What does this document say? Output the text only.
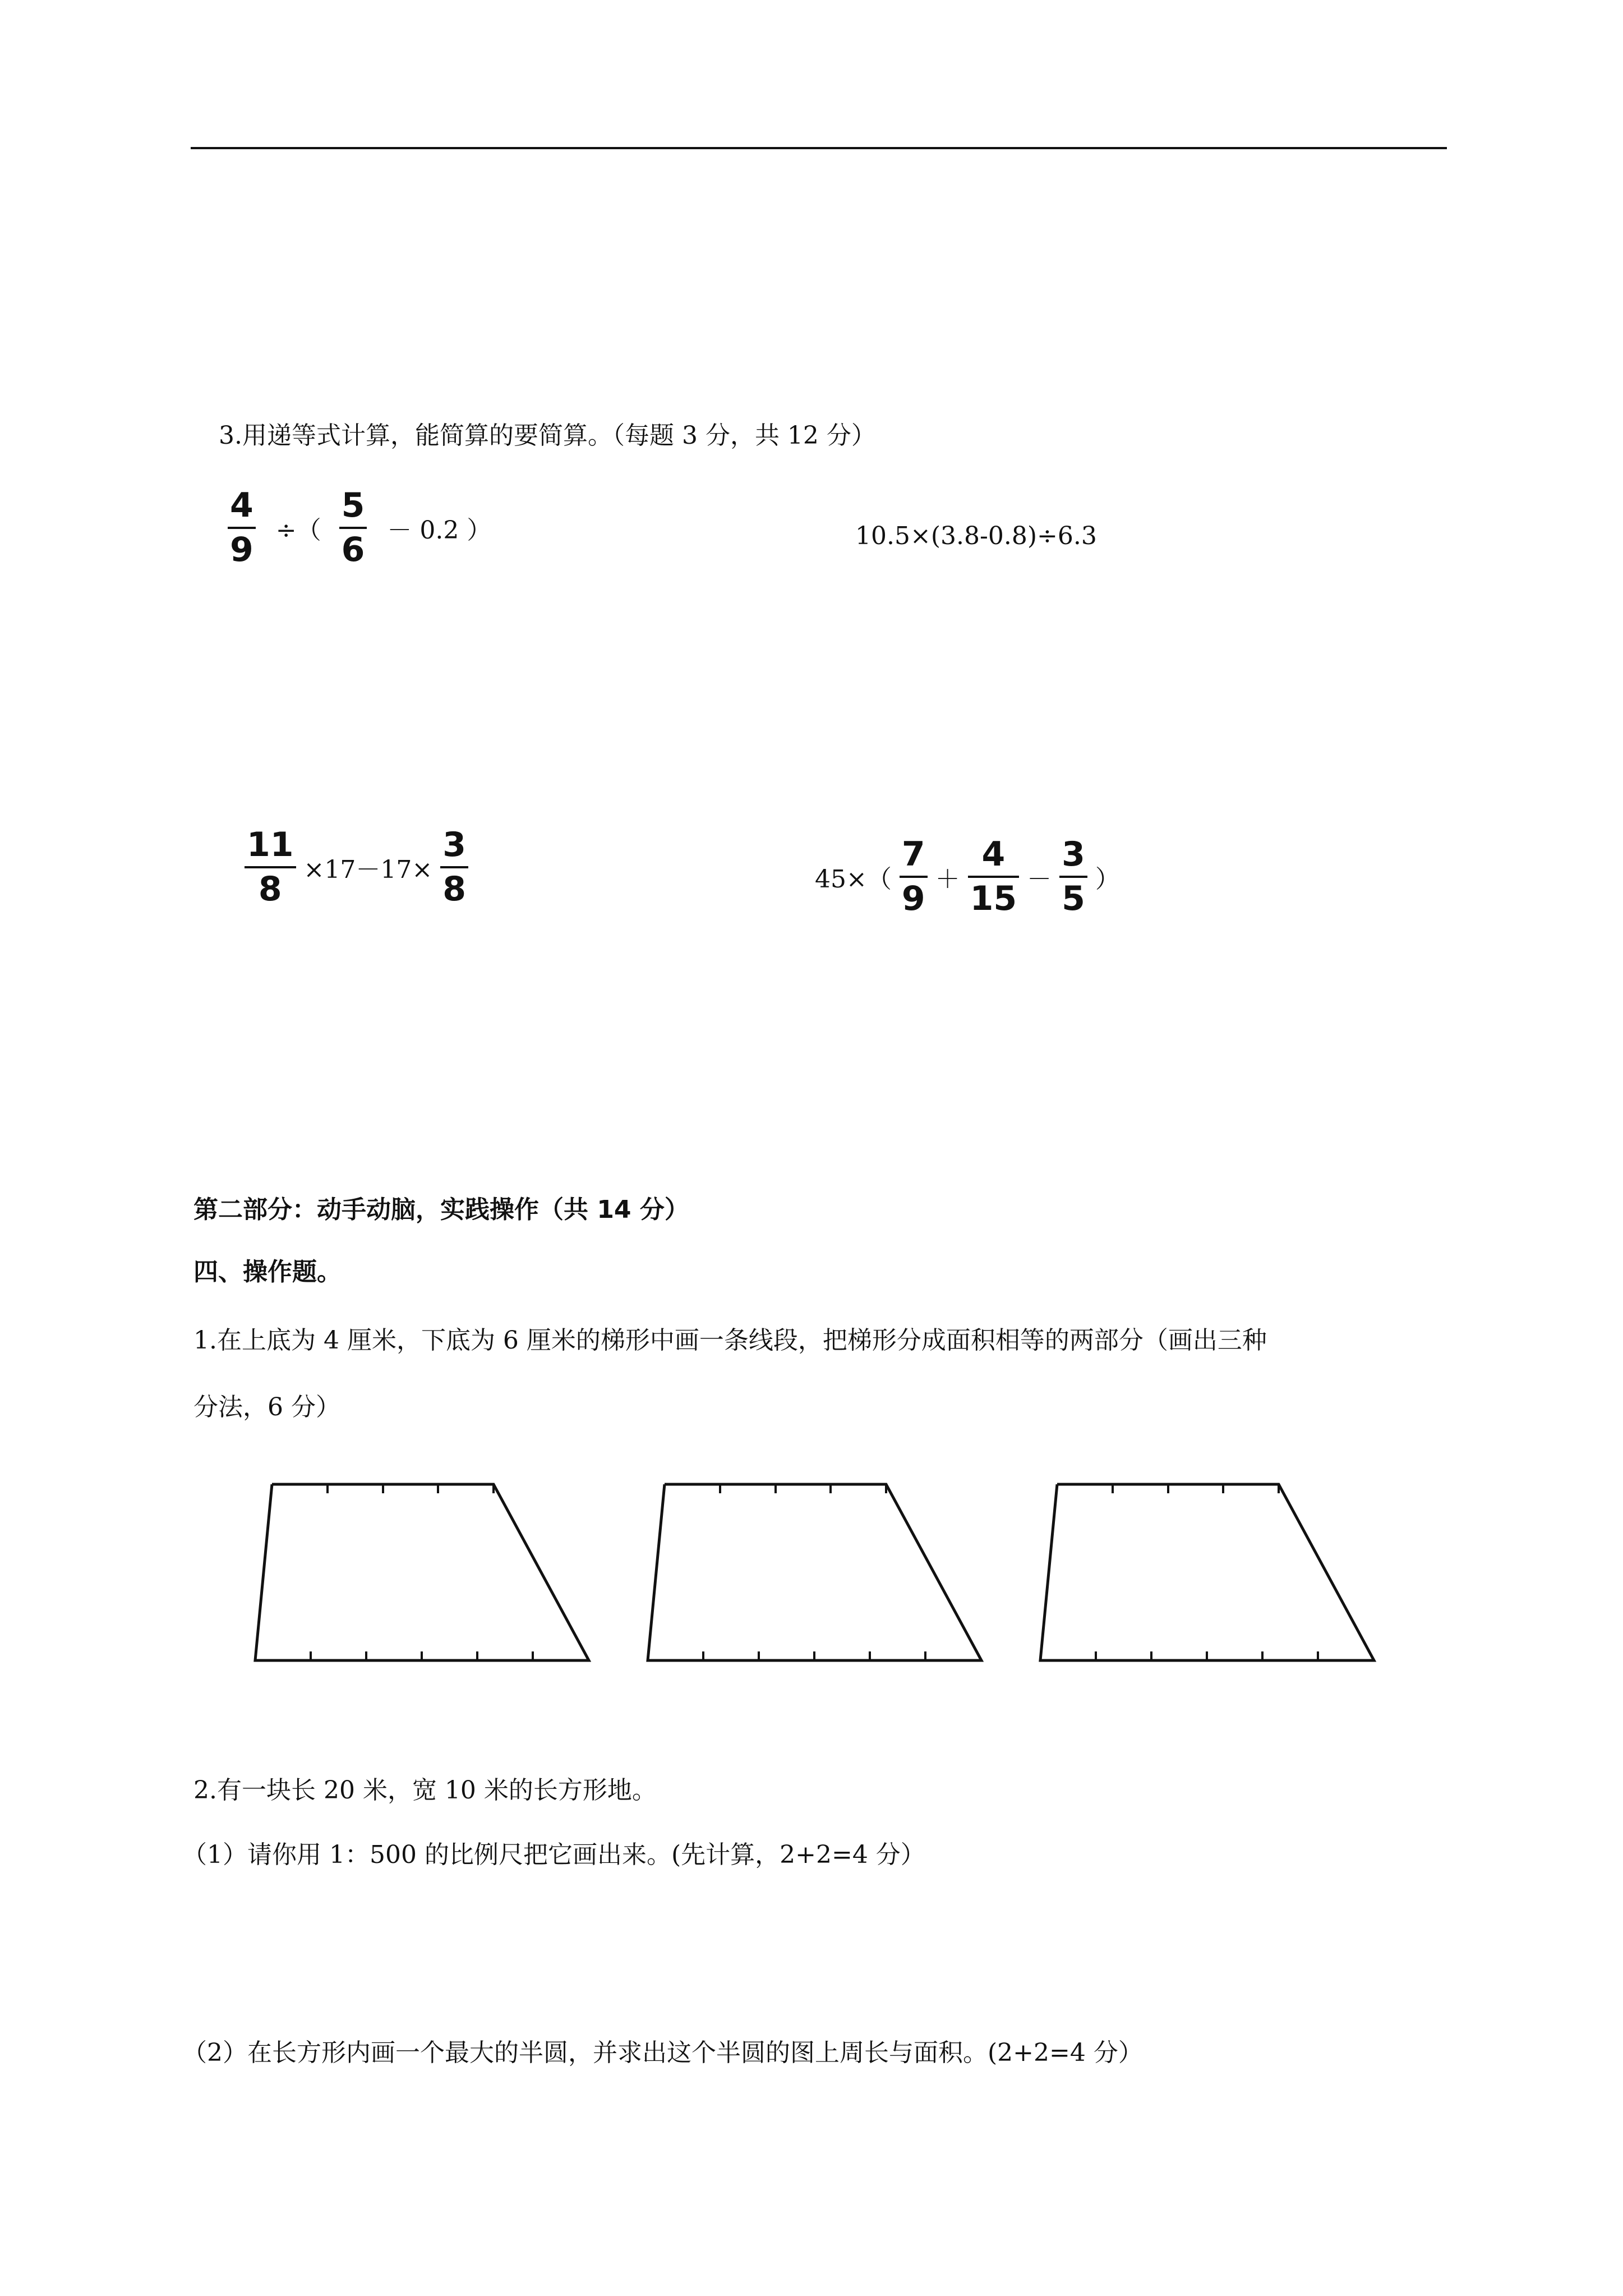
3.用递等式计算，能简算的要简算。（每题 3 分，共 12 分）
$\frac{4}{9}$ ÷（ $\frac{5}{6} - 0.2$ ）	10.5×(3.8-0.8)÷6.3
$\frac{11}{8} \times 17-17\times \frac{3}{8}$	$45\times( \frac{7}{9} + \frac{4}{15} - \frac{3}{5}$ ）
第二部分：动手动脑，实践操作（共 14 分）
四、操作题。
1.在上底为 4 厘米，下底为 6 厘米的梯形中画一条线段，把梯形分成面积相等的两部分（画出三种
分法，6 分）
2.有一块长 20 米，宽 10 米的长方形地。
（1）请你用 1：500 的比例尺把它画出来。(先计算，2+2=4 分）
（2）在长方形内画一个最大的半圆，并求出这个半圆的图上周长与面积。(2+2=4 分）
